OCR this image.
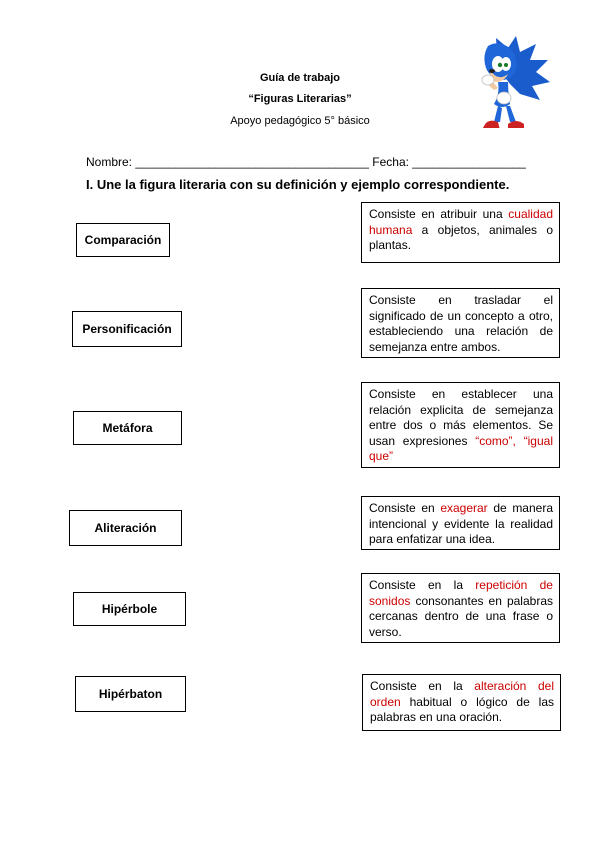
Guía de trabajo
“Figuras Literarias”
Apoyo pedagógico 5° básico
Nombre: ___________________________________ Fecha: _________________
I. Une la figura literaria con su definición y ejemplo correspondiente.
Comparación
Personificación
Metáfora
Aliteración
Hipérbole
Hipérbaton
Consiste en atribuir una cualidad humana a objetos, animales o plantas.
Consiste en trasladar el significado de un concepto a otro, estableciendo una relación de semejanza entre ambos.
Consiste en establecer una relación explicita de semejanza entre dos o más elementos. Se usan expresiones “como”, “igual que”
Consiste en exagerar de manera intencional y evidente la realidad para enfatizar una idea.
Consiste en la repetición de sonidos consonantes en palabras cercanas dentro de una frase o verso.
Consiste en la alteración del orden habitual o lógico de las palabras en una oración.
